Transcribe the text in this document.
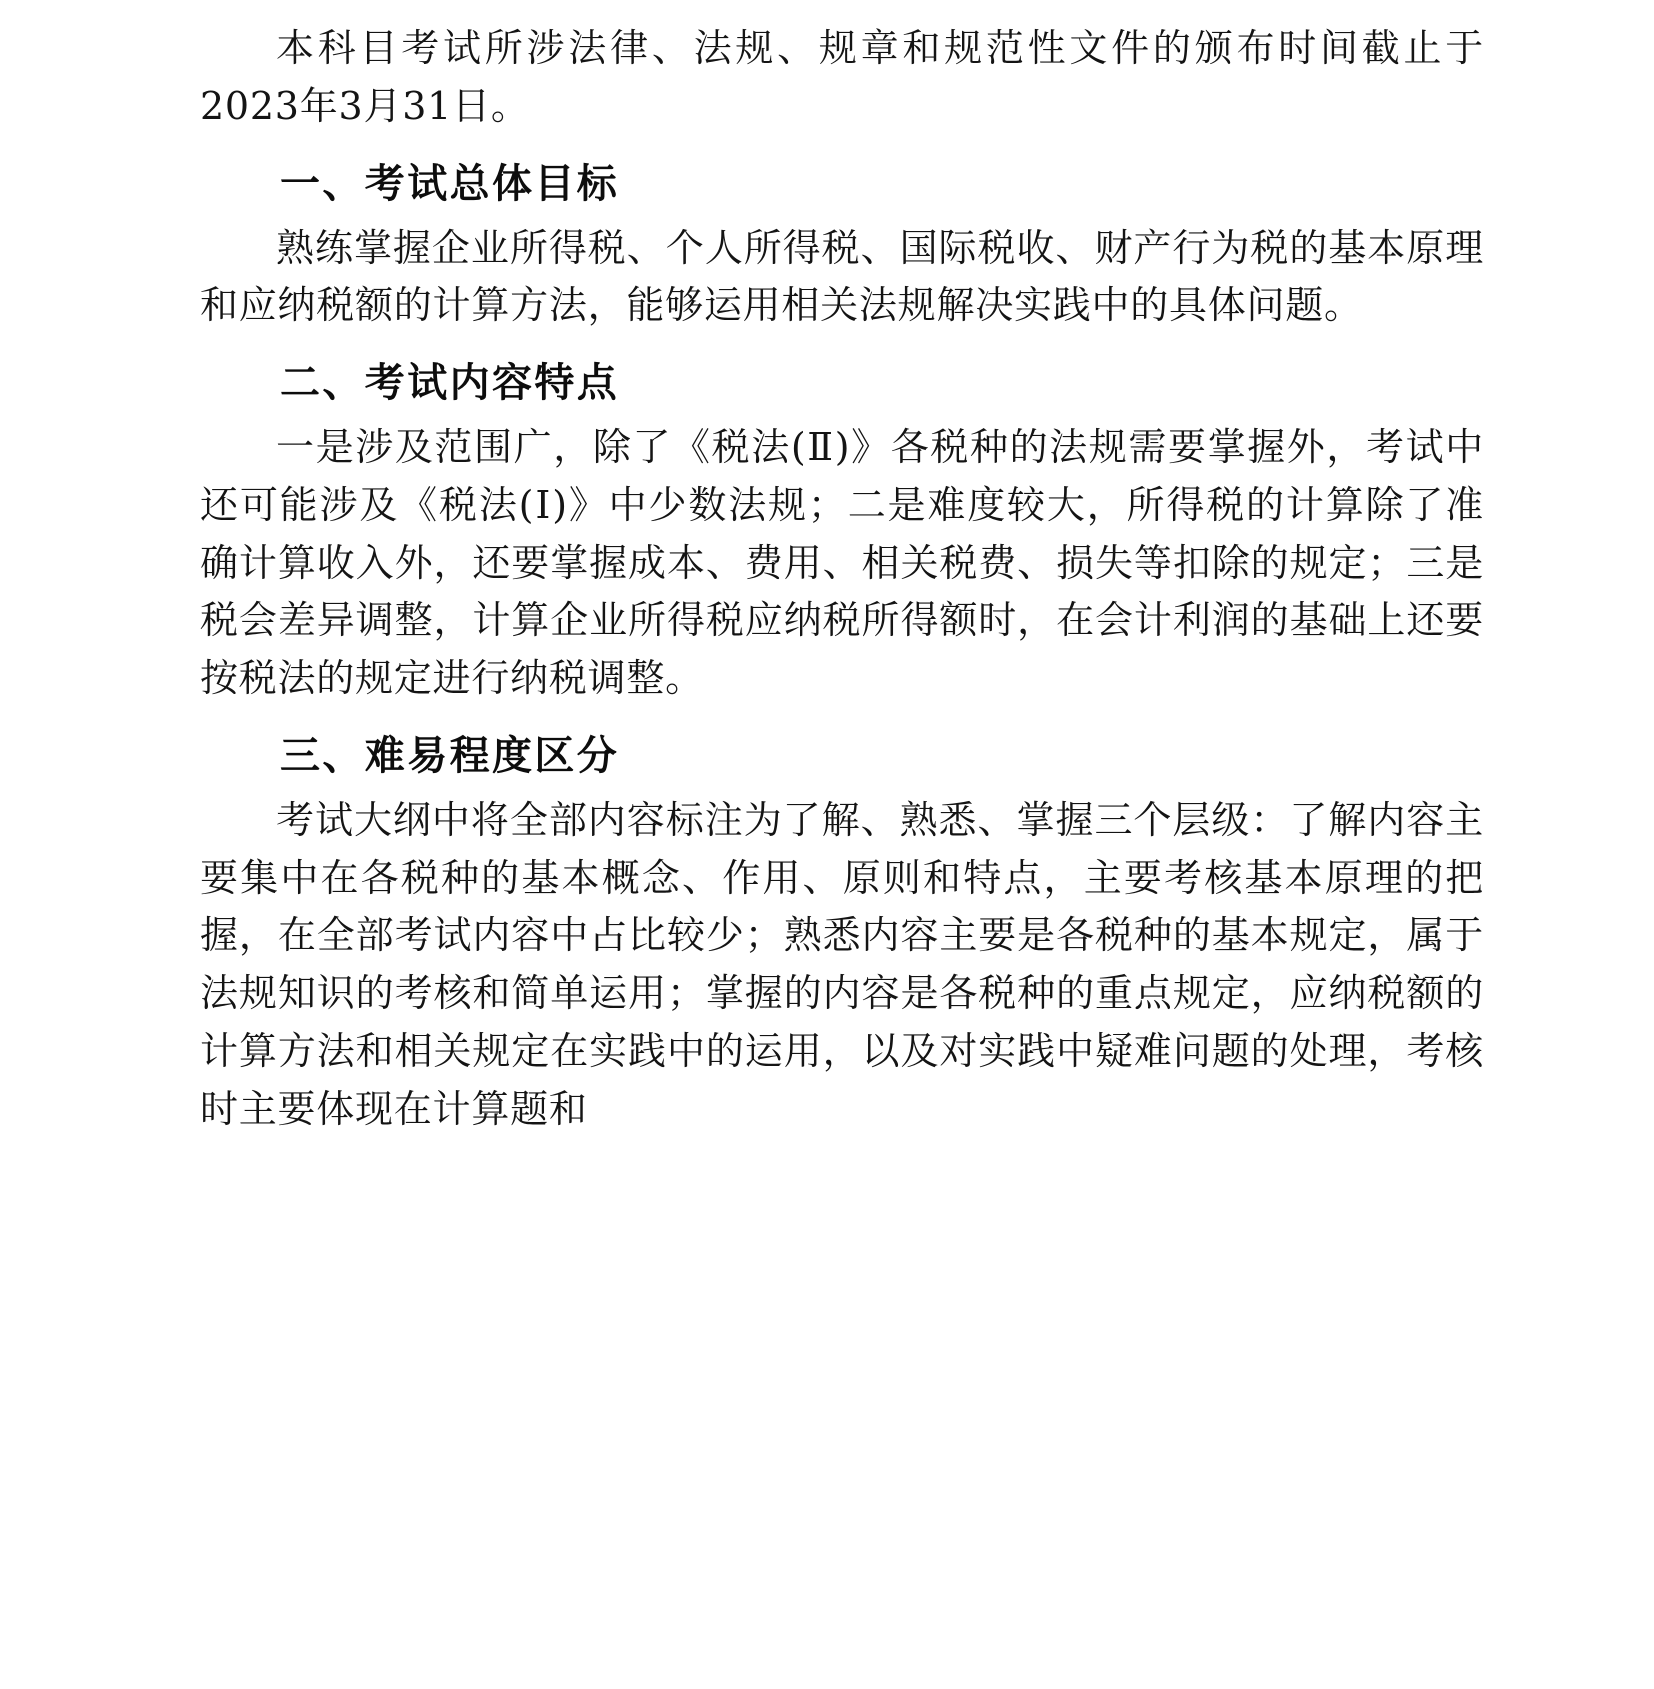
本科目考试所涉法律、法规、规章和规范性文件的颁布时间截止于2023年3月31日。

一、考试总体目标

熟练掌握企业所得税、个人所得税、国际税收、财产行为税的基本原理和应纳税额的计算方法，能够运用相关法规解决实践中的具体问题。

二、考试内容特点

一是涉及范围广，除了《税法(Ⅱ)》各税种的法规需要掌握外，考试中还可能涉及《税法(Ⅰ)》中少数法规；二是难度较大，所得税的计算除了准确计算收入外，还要掌握成本、费用、相关税费、损失等扣除的规定；三是税会差异调整，计算企业所得税应纳税所得额时，在会计利润的基础上还要按税法的规定进行纳税调整。

三、难易程度区分

考试大纲中将全部内容标注为了解、熟悉、掌握三个层级：了解内容主要集中在各税种的基本概念、作用、原则和特点，主要考核基本原理的把握，在全部考试内容中占比较少；熟悉内容主要是各税种的基本规定，属于法规知识的考核和简单运用；掌握的内容是各税种的重点规定，应纳税额的计算方法和相关规定在实践中的运用，以及对实践中疑难问题的处理，考核时主要体现在计算题和
